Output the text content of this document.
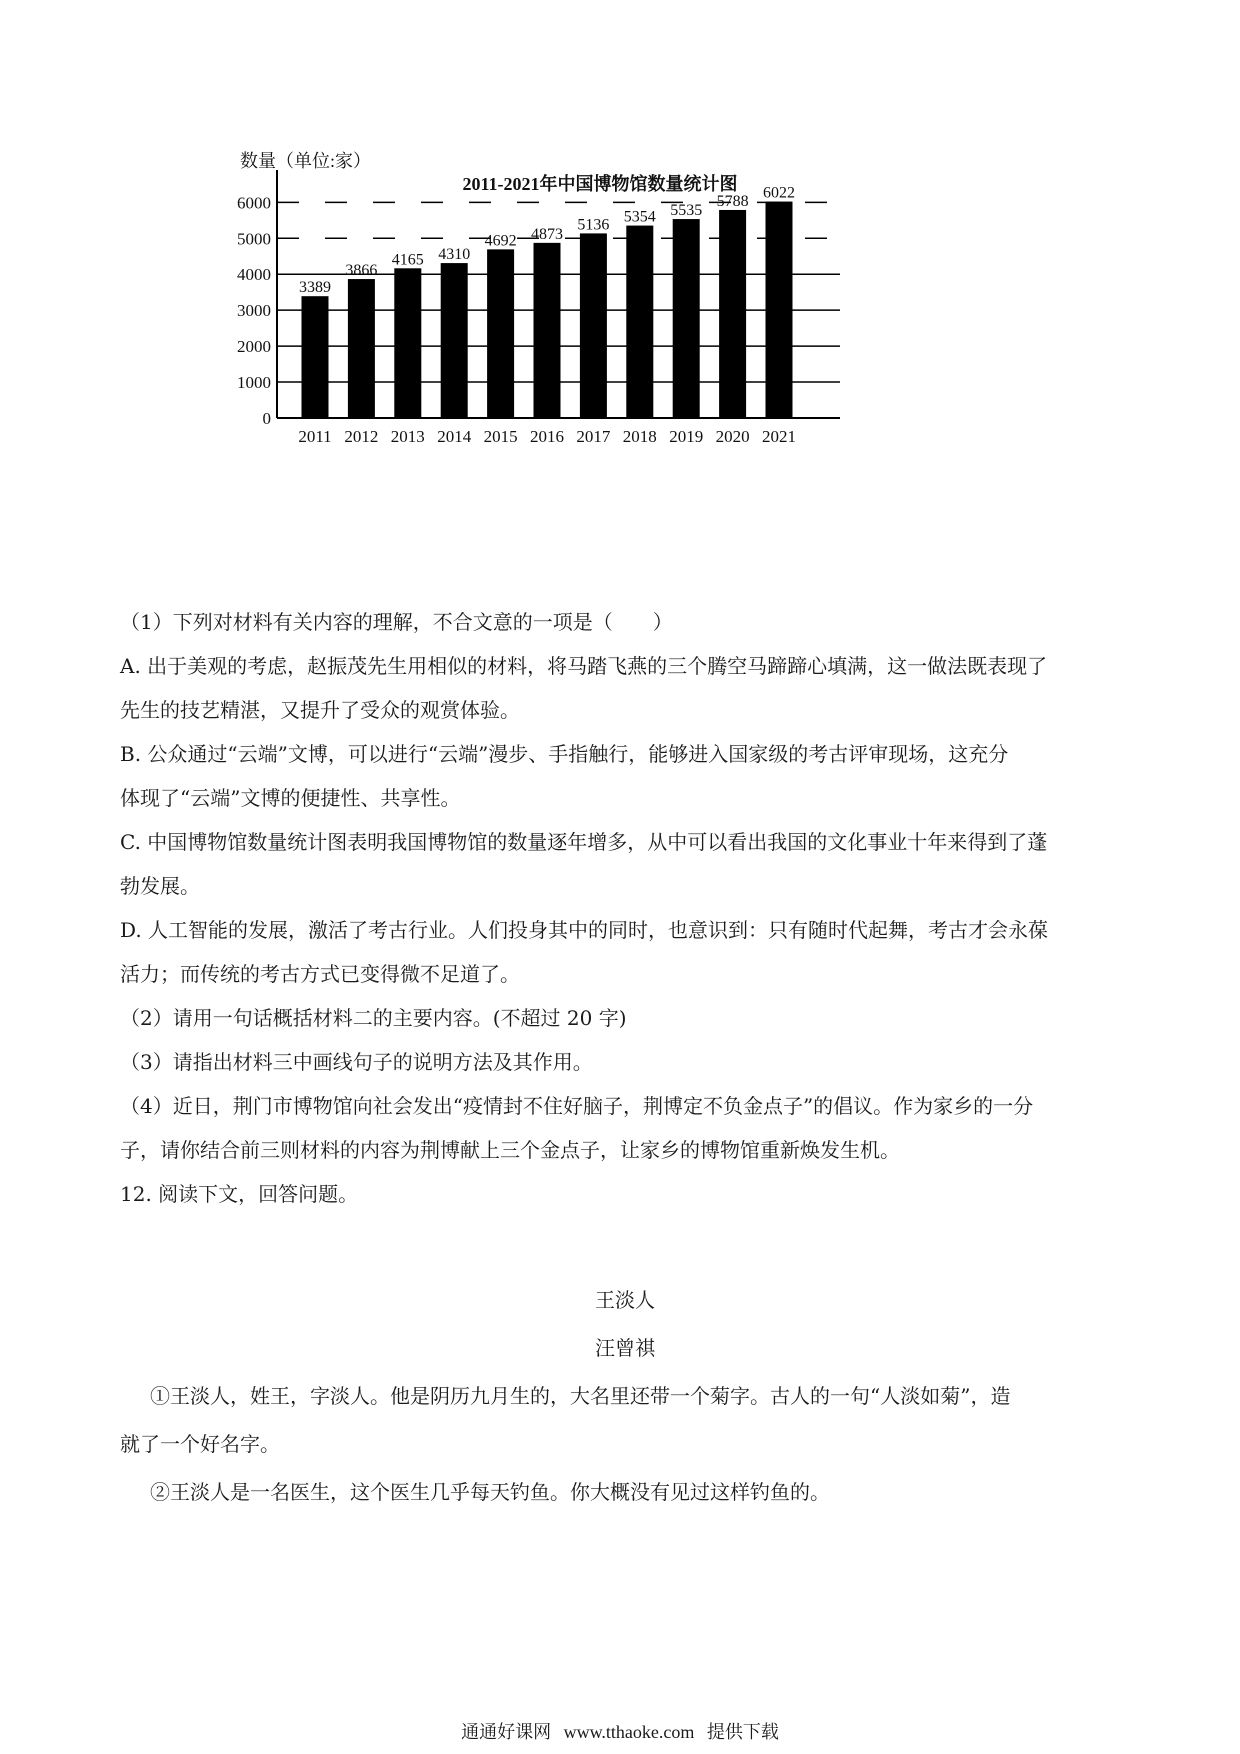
数量（单位:家）
2011-2021年中国博物馆数量统计图
0
1000
2000
3000
4000
5000
6000
3389
3866
4165 4310
4692 4873
5136 5354 5535
5788 6022
2011 2012 2013 2014 2015 2016 2017 2018 2019 2020 2021
（1）下列对材料有关内容的理解，不合文意的一项是（　　）
A. 出于美观的考虑，赵振茂先生用相似的材料，将马踏飞燕的三个腾空马蹄蹄心填满，这一做法既表现了
先生的技艺精湛，又提升了受众的观赏体验。
B. 公众通过“云端”文博，可以进行“云端”漫步、手指触行，能够进入国家级的考古评审现场，这充分
体现了“云端”文博的便捷性、共享性。
C. 中国博物馆数量统计图表明我国博物馆的数量逐年增多，从中可以看出我国的文化事业十年来得到了蓬
勃发展。
D. 人工智能的发展，激活了考古行业。人们投身其中的同时，也意识到：只有随时代起舞，考古才会永葆
活力；而传统的考古方式已变得微不足道了。
（2）请用一句话概括材料二的主要内容。(不超过 20 字)
（3）请指出材料三中画线句子的说明方法及其作用。
（4）近日，荆门市博物馆向社会发出“疫情封不住好脑子，荆博定不负金点子”的倡议。作为家乡的一分
子，请你结合前三则材料的内容为荆博献上三个金点子，让家乡的博物馆重新焕发生机。
12. 阅读下文，回答问题。
王淡人
汪曾祺
①王淡人，姓王，字淡人。他是阴历九月生的，大名里还带一个菊字。古人的一句“人淡如菊”，造
就了一个好名字。
②王淡人是一名医生，这个医生几乎每天钓鱼。你大概没有见过这样钓鱼的。
通通好课网 www.tthaoke.com 提供下载
